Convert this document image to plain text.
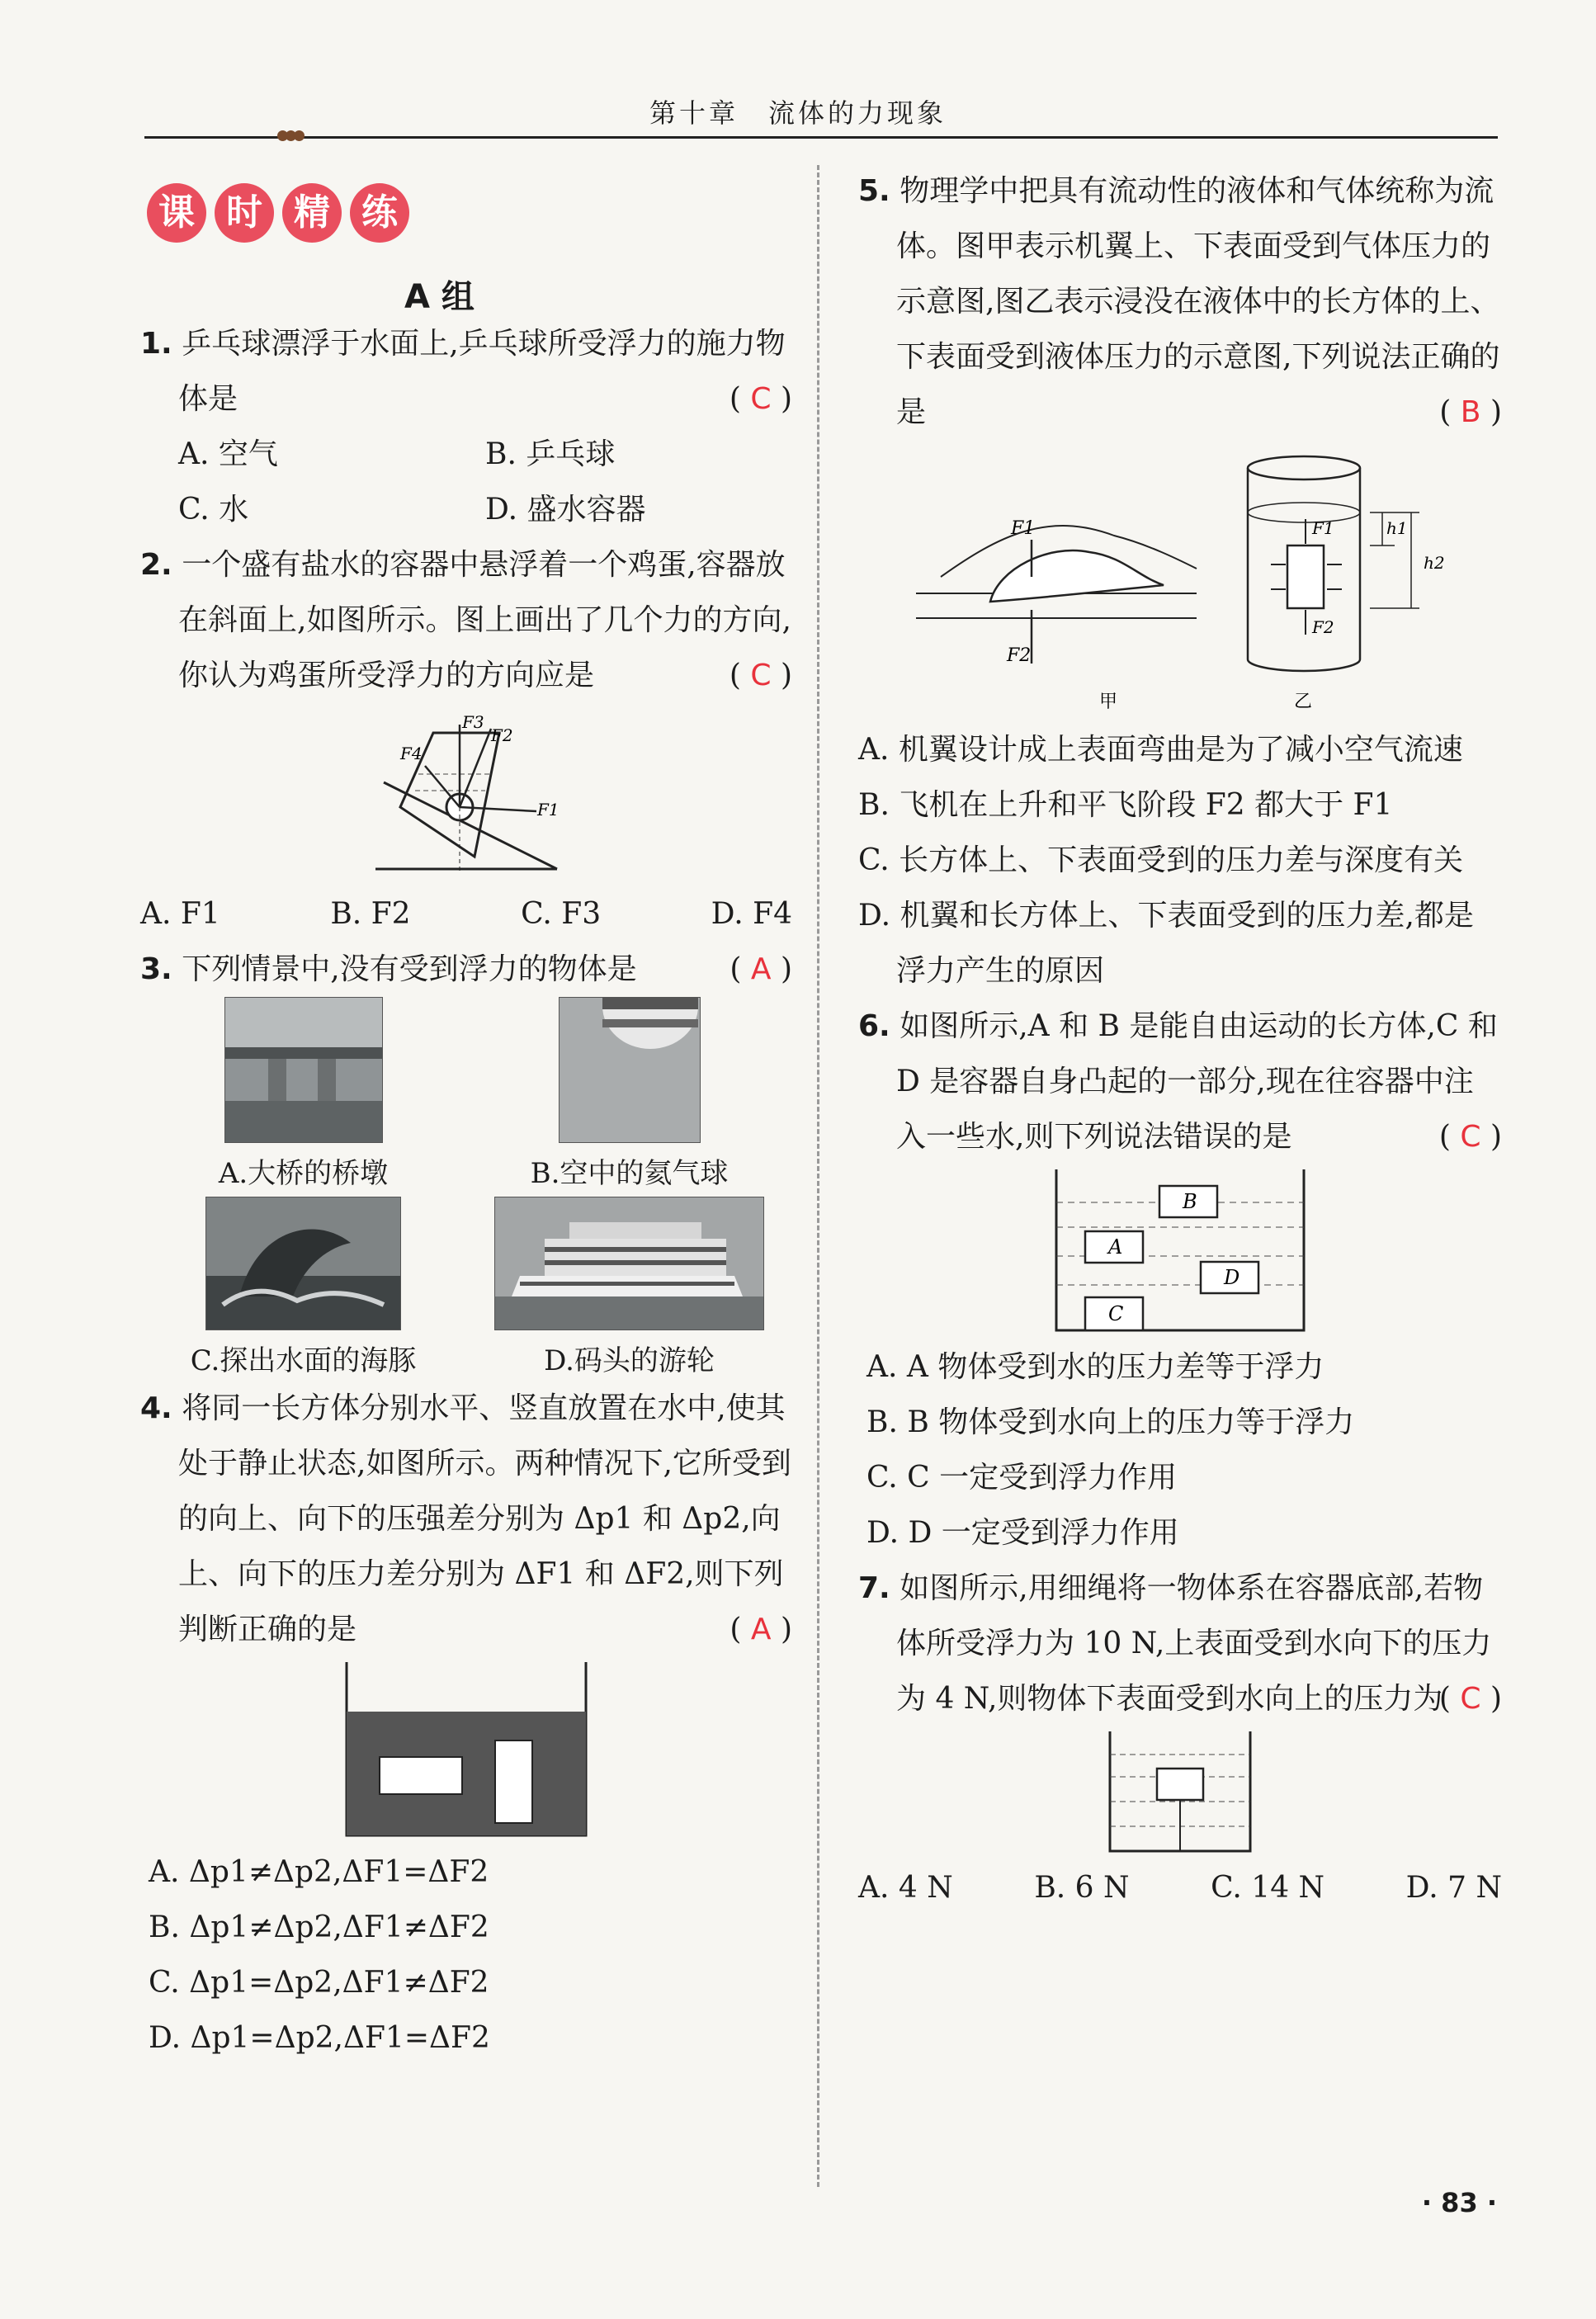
第十章　流体的力现象
课 时 精 练
A 组
1. 乒乓球漂浮于水面上,乒乓球所受浮力的施力物体是	( C )
A. 空气	B. 乒乓球
C. 水	D. 盛水容器
2. 一个盛有盐水的容器中悬浮着一个鸡蛋,容器放在斜面上,如图所示。图上画出了几个力的方向,你认为鸡蛋所受浮力的方向应是	( C )
F3
F2
F4
F1
A. F1	B. F2	C. F3	D. F4
3. 下列情景中,没有受到浮力的物体是	( A )
A.大桥的桥墩	B.空中的氦气球
C.探出水面的海豚	D.码头的游轮
4. 将同一长方体分别水平、竖直放置在水中,使其处于静止状态,如图所示。两种情况下,它所受到的向上、向下的压强差分别为 Δp1 和 Δp2,向上、向下的压力差分别为 ΔF1 和 ΔF2,则下列判断正确的是	( A )
A. Δp1≠Δp2,ΔF1=ΔF2
B. Δp1≠Δp2,ΔF1≠ΔF2
C. Δp1=Δp2,ΔF1≠ΔF2
D. Δp1=Δp2,ΔF1=ΔF2
5. 物理学中把具有流动性的液体和气体统称为流体。图甲表示机翼上、下表面受到气体压力的示意图,图乙表示浸没在液体中的长方体的上、下表面受到液体压力的示意图,下列说法正确的是	( B )
F1
F2
甲
F1
F2
h1
h2
乙
A. 机翼设计成上表面弯曲是为了减小空气流速
B. 飞机在上升和平飞阶段 F2 都大于 F1
C. 长方体上、下表面受到的压力差与深度有关
D. 机翼和长方体上、下表面受到的压力差,都是浮力产生的原因
6. 如图所示,A 和 B 是能自由运动的长方体,C 和 D 是容器自身凸起的一部分,现在往容器中注入一些水,则下列说法错误的是	( C )
B
A
D
C
A. A 物体受到水的压力差等于浮力
B. B 物体受到水向上的压力等于浮力
C. C 一定受到浮力作用
D. D 一定受到浮力作用
7. 如图所示,用细绳将一物体系在容器底部,若物体所受浮力为 10 N,上表面受到水向下的压力为 4 N,则物体下表面受到水向上的压力为
( C )
A. 4 N	B. 6 N	C. 14 N	D. 7 N
· 83 ·
